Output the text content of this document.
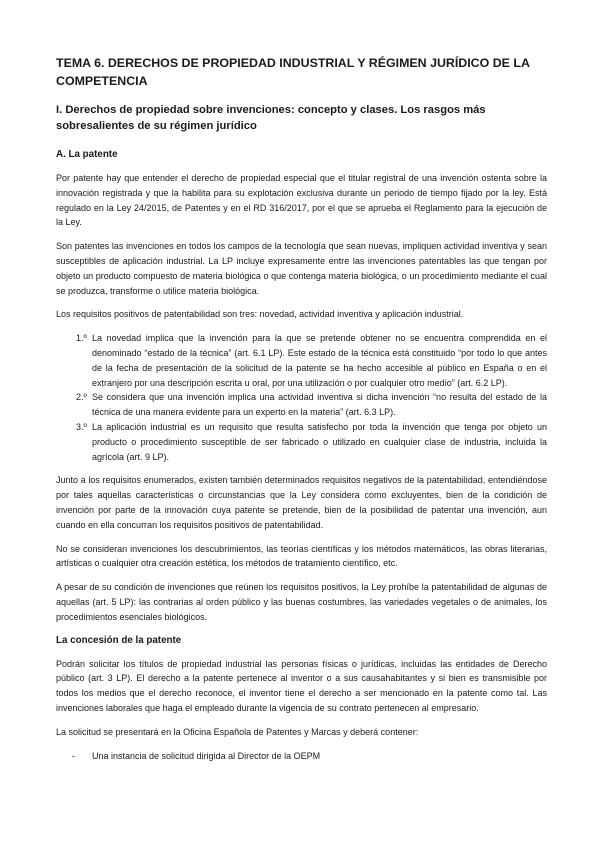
TEMA 6. DERECHOS DE PROPIEDAD INDUSTRIAL Y RÉGIMEN JURÍDICO DE LA COMPETENCIA
I. Derechos de propiedad sobre invenciones: concepto y clases. Los rasgos más sobresalientes de su régimen jurídico
A. La patente

Por patente hay que entender el derecho de propiedad especial que el titular registral de una invención ostenta sobre la innovación registrada y que la habilita para su explotación exclusiva durante un periodo de tiempo fijado por la ley. Está regulado en la Ley 24/2015, de Patentes y en el RD 316/2017, por el que se aprueba el Reglamento para la ejecución de la Ley.

Son patentes las invenciones en todos los campos de la tecnología que sean nuevas, impliquen actividad inventiva y sean susceptibles de aplicación industrial. La LP incluye expresamente entre las invenciones patentables las que tengan por objeto un producto compuesto de materia biológica o que contenga materia biológica, o un procedimiento mediante el cual se produzca, transforme o utilice materia biológica.

Los requisitos positivos de patentabilidad son tres: novedad, actividad inventiva y aplicación industrial.

1.º La novedad implica que la invención para la que se pretende obtener no se encuentra comprendida en el denominado “estado de la técnica” (art. 6.1 LP). Este estado de la técnica está constituido “por todo lo que antes de la fecha de presentación de la solicitud de la patente se ha hecho accesible al público en España o en el extranjero por una descripción escrita u oral, por una utilización o por cualquier otro medio” (art. 6.2 LP).
2.º Se considera que una invención implica una actividad inventiva si dicha invención “no resulta del estado de la técnica de una manera evidente para un experto en la materia” (art. 6.3 LP).
3.º La aplicación industrial es un requisito que resulta satisfecho por toda la invención que tenga por objeto un producto o procedimiento susceptible de ser fabricado o utilizado en cualquier clase de industria, incluida la agrícola (art. 9 LP).

Junto a los requisitos enumerados, existen también determinados requisitos negativos de la patentabilidad, entendiéndose por tales aquellas características o circunstancias que la Ley considera como excluyentes, bien de la condición de invención por parte de la innovación cuya patente se pretende, bien de la posibilidad de patentar una invención, aun cuando en ella concurran los requisitos positivos de patentabilidad.

No se consideran invenciones los descubrimientos, las teorías científicas y los métodos matemáticos, las obras literarias, artísticas o cualquier otra creación estética, los métodos de tratamiento científico, etc.

A pesar de su condición de invenciones que reúnen los requisitos positivos, la Ley prohíbe la patentabilidad de algunas de aquellas (art. 5 LP): las contrarias al orden público y las buenas costumbres, las variedades vegetales o de animales, los procedimientos esenciales biológicos.

La concesión de la patente

Podrán solicitar los títulos de propiedad industrial las personas físicas o jurídicas, incluidas las entidades de Derecho público (art. 3 LP). El derecho a la patente pertenece al inventor o a sus causahabitantes y si bien es transmisible por todos los medios que el derecho reconoce, el inventor tiene el derecho a ser mencionado en la patente como tal. Las invenciones laborales que haga el empleado durante la vigencia de su contrato pertenecen al empresario.

La solicitud se presentará en la Oficina Española de Patentes y Marcas y deberá contener:

- Una instancia de solicitud dirigida al Director de la OEPM
